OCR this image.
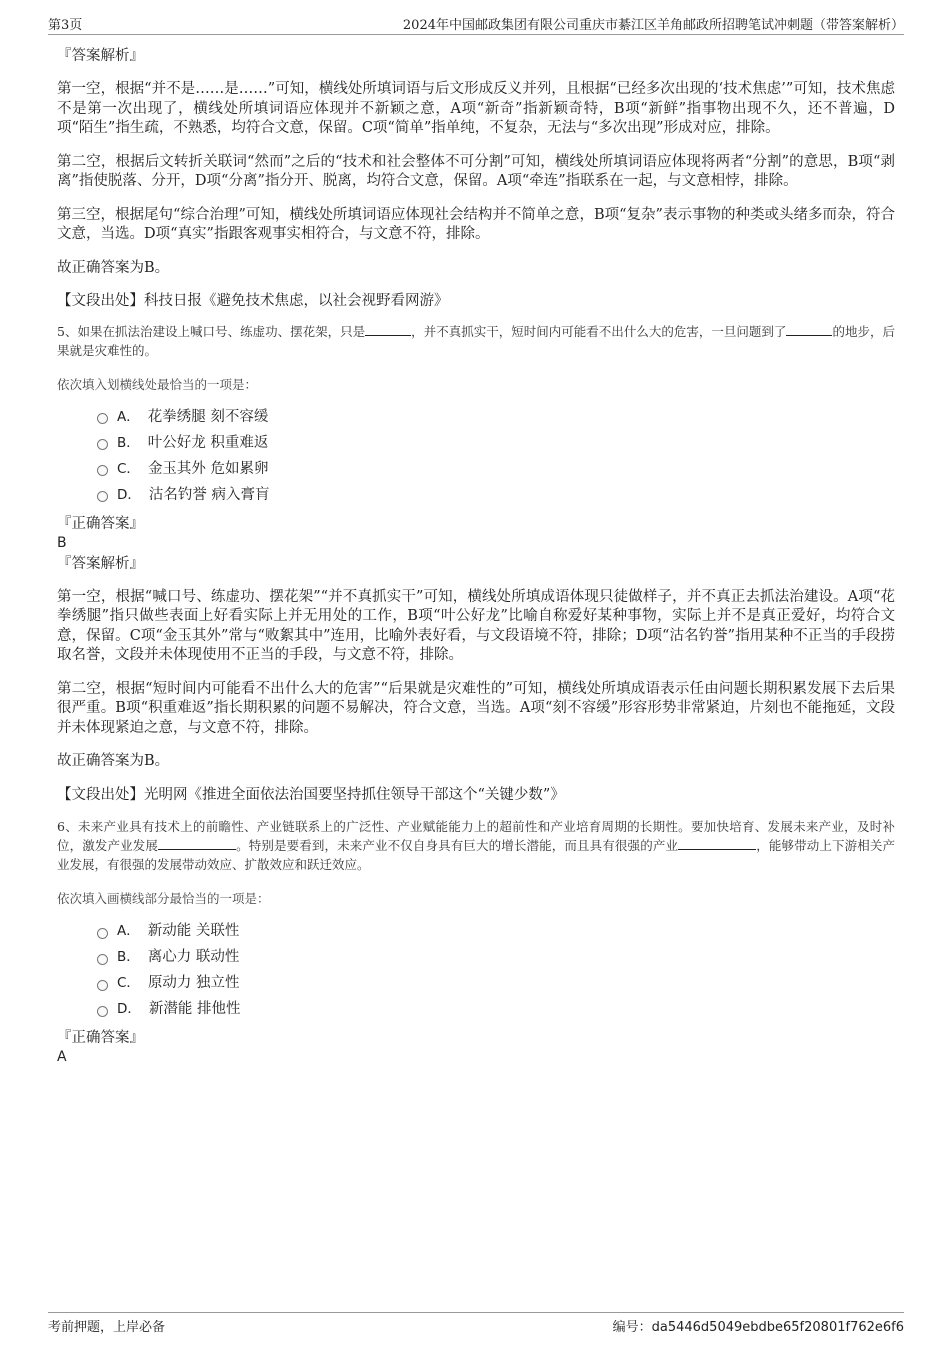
第3页	2024年中国邮政集团有限公司重庆市綦江区羊角邮政所招聘笔试冲刺题（带答案解析）

『答案解析』

第一空，根据“并不是……是……”可知，横线处所填词语与后文形成反义并列，且根据“已经多次出现的‘技术焦虑’”可知，技术焦虑不是第一次出现了，横线处所填词语应体现并不新颖之意，A项“新奇”指新颖奇特，B项“新鲜”指事物出现不久，还不普遍，D项“陌生”指生疏，不熟悉，均符合文意，保留。C项“简单”指单纯，不复杂，无法与“多次出现”形成对应，排除。

第二空，根据后文转折关联词“然而”之后的“技术和社会整体不可分割”可知，横线处所填词语应体现将两者“分割”的意思，B项“剥离”指使脱落、分开，D项“分离”指分开、脱离，均符合文意，保留。A项“牵连”指联系在一起，与文意相悖，排除。

第三空，根据尾句“综合治理”可知，横线处所填词语应体现社会结构并不简单之意，B项“复杂”表示事物的种类或头绪多而杂，符合文意，当选。D项“真实”指跟客观事实相符合，与文意不符，排除。

故正确答案为B。

【文段出处】科技日报《避免技术焦虑，以社会视野看网游》

5、如果在抓法治建设上喊口号、练虚功、摆花架，只是	，并不真抓实干，短时间内可能看不出什么大的危害，一旦问题到了	的地步，后果就是灾难性的。

依次填入划横线处最恰当的一项是：

A． 花拳绣腿 刻不容缓
B． 叶公好龙 积重难返
C． 金玉其外 危如累卵
D． 沽名钓誉 病入膏肓

『正确答案』

B

『答案解析』

第一空，根据“喊口号、练虚功、摆花架”“并不真抓实干”可知，横线处所填成语体现只徒做样子，并不真正去抓法治建设。A项“花拳绣腿”指只做些表面上好看实际上并无用处的工作，B项“叶公好龙”比喻自称爱好某种事物，实际上并不是真正爱好，均符合文意，保留。C项“金玉其外”常与“败絮其中”连用，比喻外表好看，与文段语境不符，排除；D项“沽名钓誉”指用某种不正当的手段捞取名誉，文段并未体现使用不正当的手段，与文意不符，排除。

第二空，根据“短时间内可能看不出什么大的危害”“后果就是灾难性的”可知，横线处所填成语表示任由问题长期积累发展下去后果很严重。B项“积重难返”指长期积累的问题不易解决，符合文意，当选。A项“刻不容缓”形容形势非常紧迫，片刻也不能拖延，文段并未体现紧迫之意，与文意不符，排除。

故正确答案为B。

【文段出处】光明网《推进全面依法治国要坚持抓住领导干部这个“关键少数”》

6、未来产业具有技术上的前瞻性、产业链联系上的广泛性、产业赋能能力上的超前性和产业培育周期的长期性。要加快培育、发展未来产业，及时补位，激发产业发展	。特别是要看到，未来产业不仅自身具有巨大的增长潜能，而且具有很强的产业	，能够带动上下游相关产业发展，有很强的发展带动效应、扩散效应和跃迁效应。

依次填入画横线部分最恰当的一项是：

A． 新动能 关联性
B． 离心力 联动性
C． 原动力 独立性
D． 新潜能 排他性

『正确答案』

A

考前押题，上岸必备	编号：da5446d5049ebdbe65f20801f762e6f6
